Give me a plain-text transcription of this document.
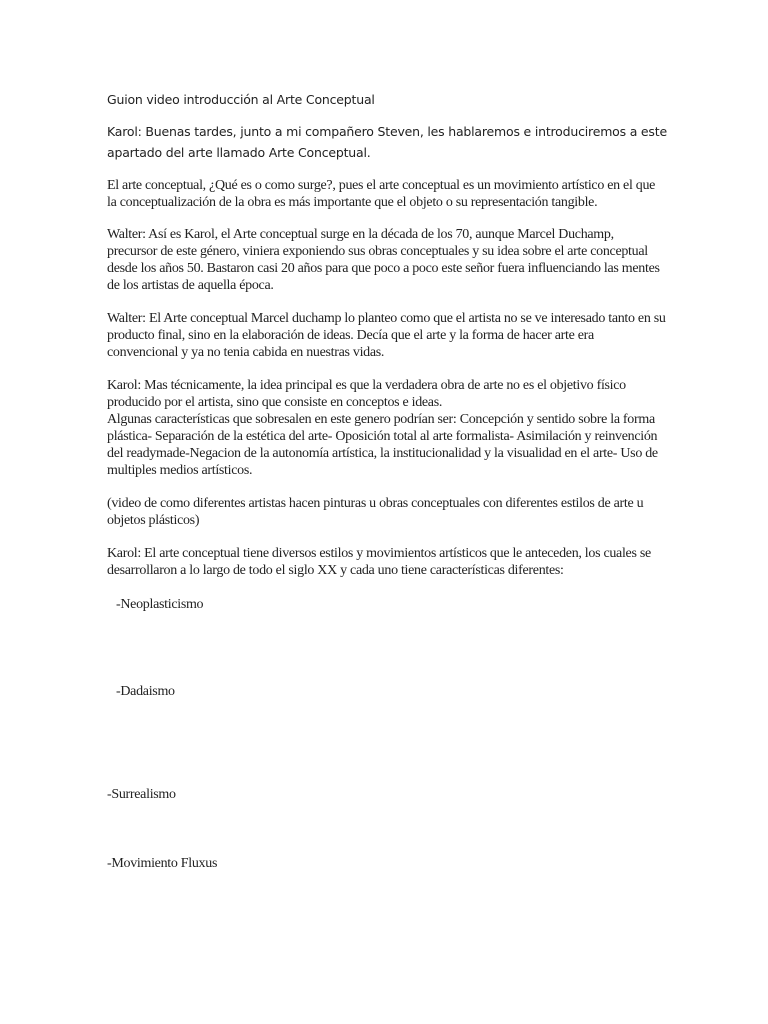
Guion video introducción al Arte Conceptual
Karol: Buenas tardes, junto a mi compañero Steven, les hablaremos e introduciremos a este apartado del arte llamado Arte Conceptual.
El arte conceptual, ¿Qué es o como surge?, pues el arte conceptual es un movimiento artístico en el que la conceptualización de la obra es más importante que el objeto o su representación tangible.
Walter: Así es Karol, el Arte conceptual surge en la década de los 70, aunque Marcel Duchamp, precursor de este género, viniera exponiendo sus obras conceptuales y su idea sobre el arte conceptual desde los años 50. Bastaron casi 20 años para que poco a poco este señor fuera influenciando las mentes de los artistas de aquella época.
Walter: El Arte conceptual Marcel duchamp lo planteo como que el artista no se ve interesado tanto en su producto final, sino en la elaboración de ideas. Decía que el arte y la forma de hacer arte era convencional y ya no tenia cabida en nuestras vidas.
Karol: Mas técnicamente, la idea principal es que la verdadera obra de arte no es el objetivo físico producido por el artista, sino que consiste en conceptos e ideas.
Algunas características que sobresalen en este genero podrían ser: Concepción y sentido sobre la forma plástica- Separación de la estética del arte- Oposición total al arte formalista- Asimilación y reinvención del readymade-Negacion de la autonomía artística, la institucionalidad y la visualidad en el arte- Uso de multiples medios artísticos.
(video de como diferentes artistas hacen pinturas u obras conceptuales con diferentes estilos de arte u objetos plásticos)
Karol: El arte conceptual tiene diversos estilos y movimientos artísticos que le anteceden, los cuales se desarrollaron a lo largo de todo el siglo XX y cada uno tiene características diferentes:
-Neoplasticismo
-Dadaismo
-Surrealismo
-Movimiento Fluxus
